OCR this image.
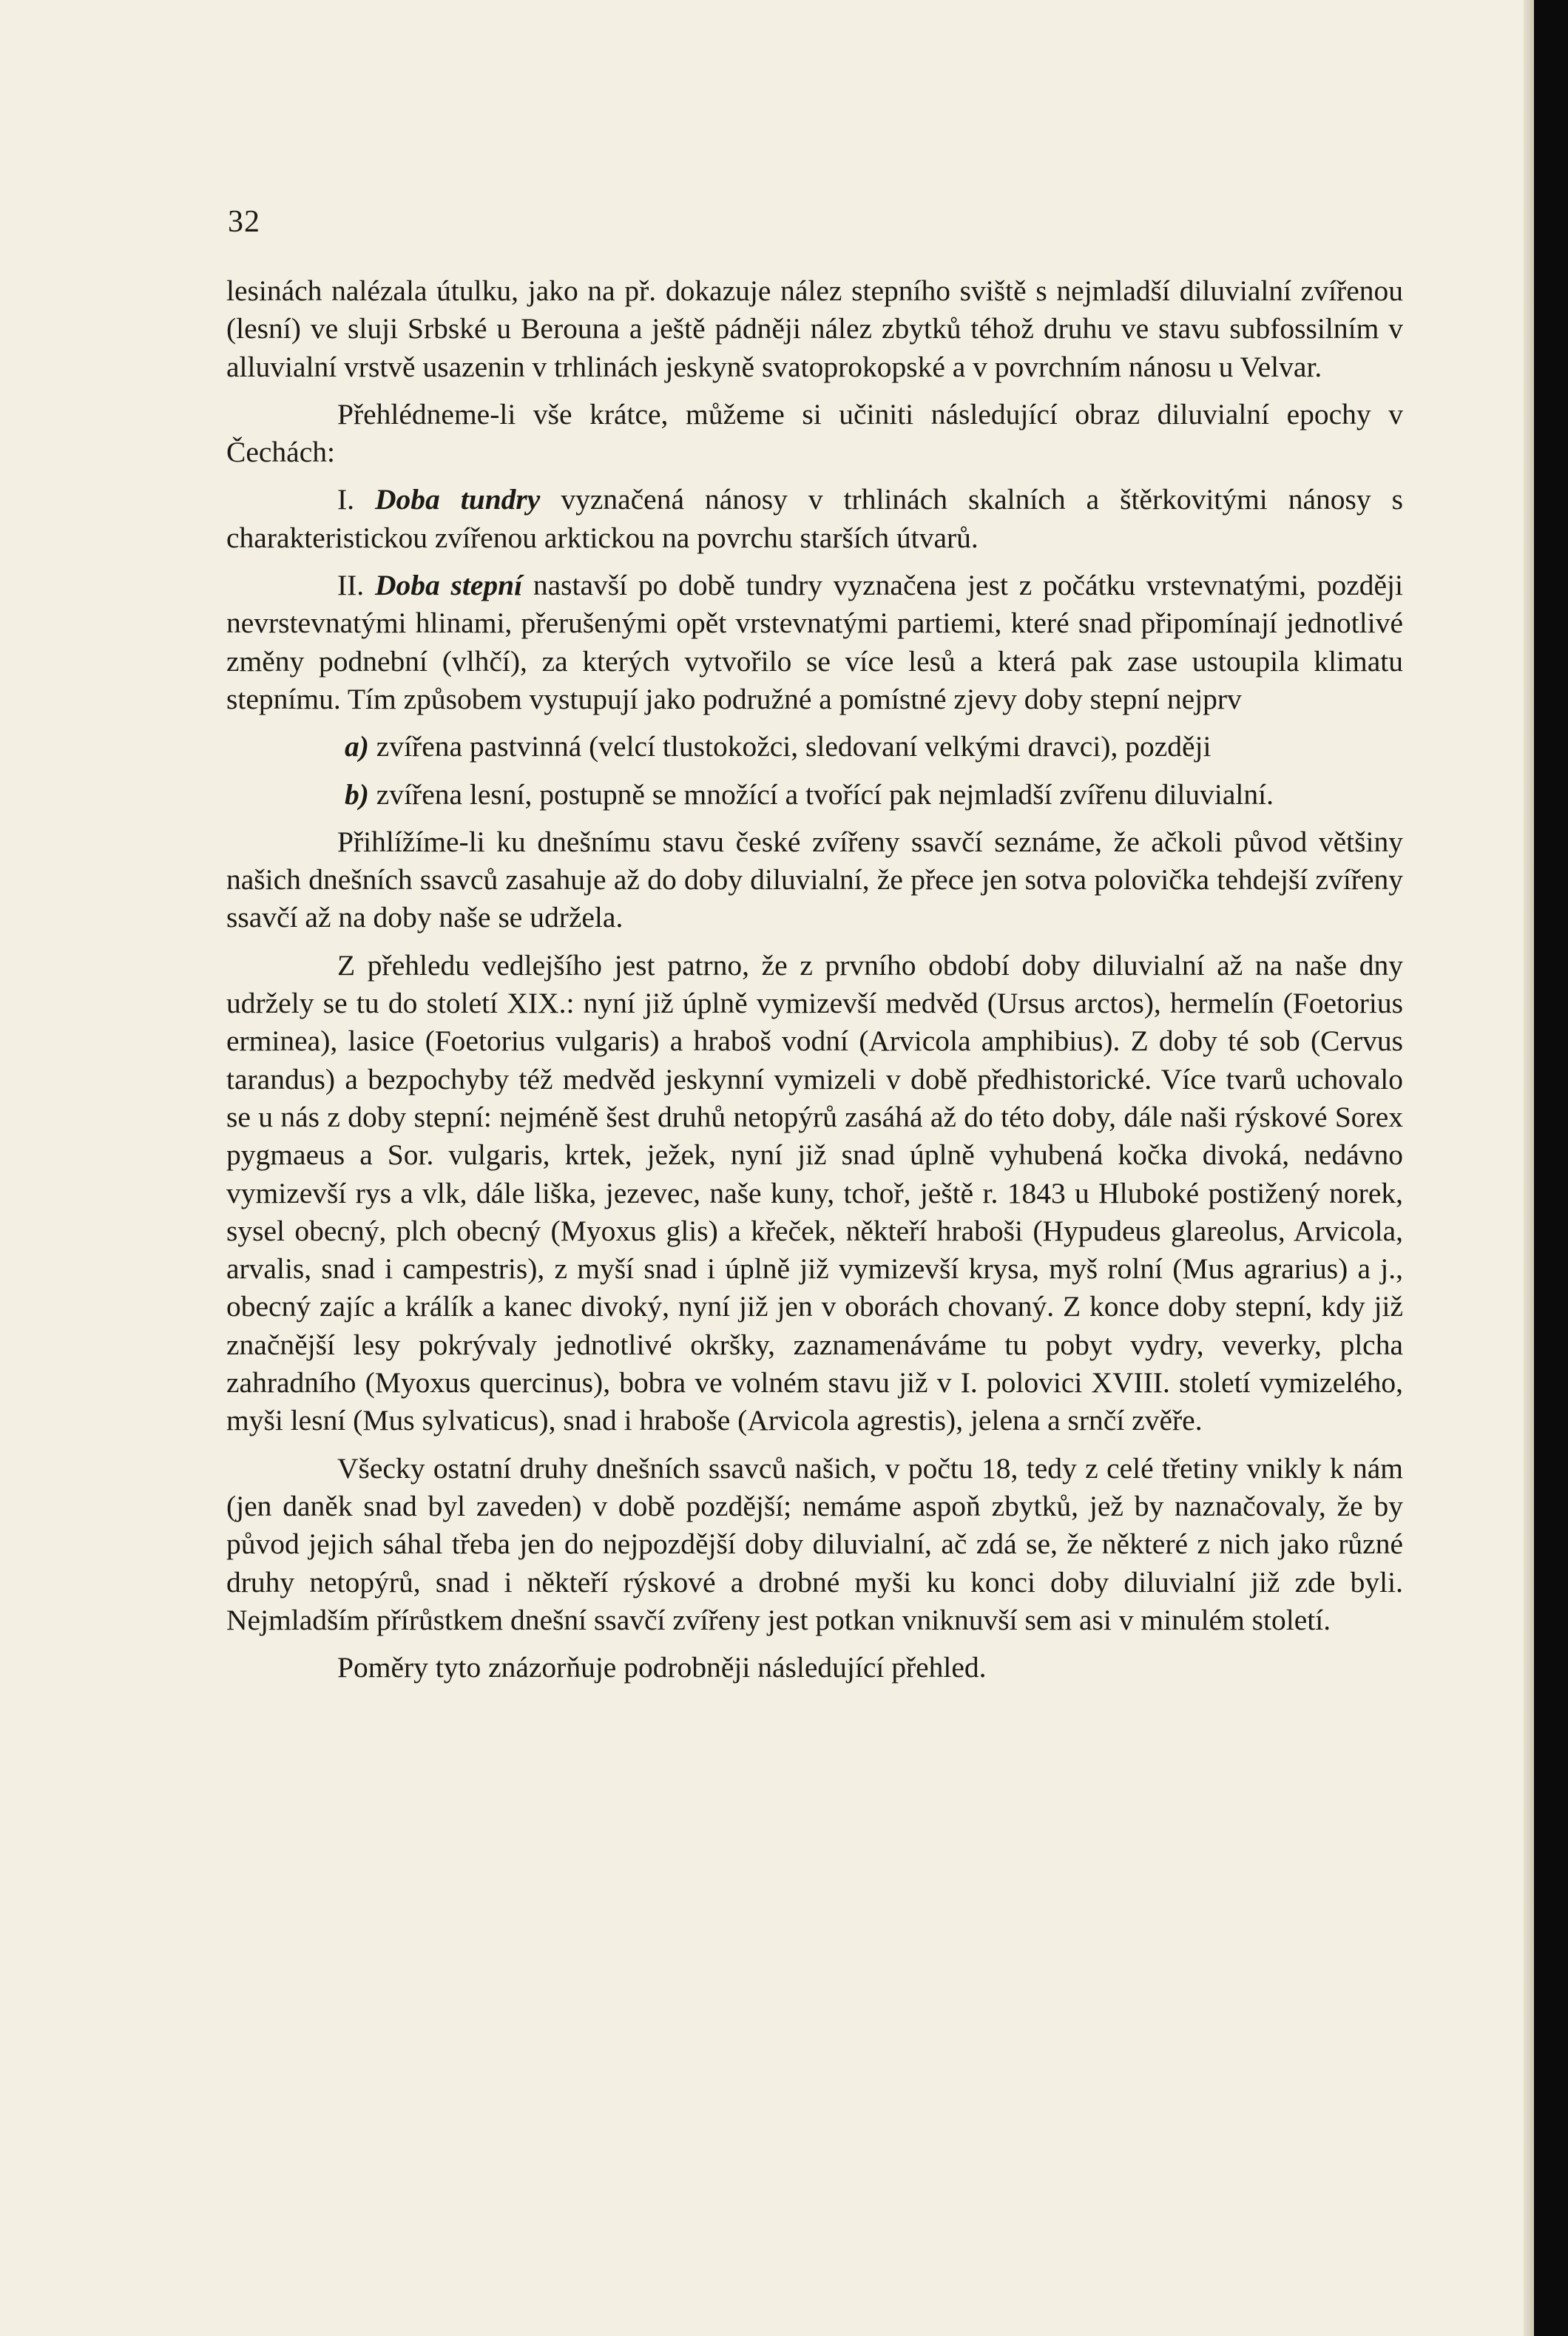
32

lesinách nalézala útulku, jako na př. dokazuje nález stepního sviště s nejmladší diluvialní zvířenou (lesní) ve sluji Srbské u Berouna a ještě pádněji nález zbytků téhož druhu ve stavu subfossilním v alluvialní vrstvě usazenin v trhlinách jeskyně svatoprokopské a v povrchním nánosu u Velvar.

Přehlédneme-li vše krátce, můžeme si učiniti následující obraz diluvialní epochy v Čechách:

I. Doba tundry vyznačená nánosy v trhlinách skalních a štěrkovitými nánosy s charakteristickou zvířenou arktickou na povrchu starších útvarů.

II. Doba stepní nastavší po době tundry vyznačena jest z počátku vrstevnatými, později nevrstevnatými hlinami, přerušenými opět vrstevnatými partiemi, které snad připomínají jednotlivé změny podnební (vlhčí), za kterých vytvořilo se více lesů a která pak zase ustoupila klimatu stepnímu. Tím způsobem vystupují jako podružné a pomístné zjevy doby stepní nejprv

a) zvířena pastvinná (velcí tlustokožci, sledovaní velkými dravci), později

b) zvířena lesní, postupně se množící a tvořící pak nejmladší zvířenu diluvialní.

Přihlížíme-li ku dnešnímu stavu české zvířeny ssavčí seznáme, že ačkoli původ většiny našich dnešních ssavců zasahuje až do doby diluvialní, že přece jen sotva polovička tehdejší zvířeny ssavčí až na doby naše se udržela.

Z přehledu vedlejšího jest patrno, že z prvního období doby diluvialní až na naše dny udržely se tu do století XIX.: nyní již úplně vymizevší medvěd (Ursus arctos), hermelín (Foetorius erminea), lasice (Foetorius vulgaris) a hraboš vodní (Arvicola amphibius). Z doby té sob (Cervus tarandus) a bezpochyby též medvěd jeskynní vymizeli v době předhistorické. Více tvarů uchovalo se u nás z doby stepní: nejméně šest druhů netopýrů zasáhá až do této doby, dále naši rýskové Sorex pygmaeus a Sor. vulgaris, krtek, ježek, nyní již snad úplně vyhubená kočka divoká, nedávno vymizevší rys a vlk, dále liška, jezevec, naše kuny, tchoř, ještě r. 1843 u Hluboké postižený norek, sysel obecný, plch obecný (Myoxus glis) a křeček, někteří hraboši (Hypudeus glareolus, Arvicola, arvalis, snad i campestris), z myší snad i úplně již vymizevší krysa, myš rolní (Mus agrarius) a j., obecný zajíc a králík a kanec divoký, nyní již jen v oborách chovaný. Z konce doby stepní, kdy již značnější lesy pokrývaly jednotlivé okršky, zaznamenáváme tu pobyt vydry, veverky, plcha zahradního (Myoxus quercinus), bobra ve volném stavu již v I. polovici XVIII. století vymizelého, myši lesní (Mus sylvaticus), snad i hraboše (Arvicola agrestis), jelena a srnčí zvěře.

Všecky ostatní druhy dnešních ssavců našich, v počtu 18, tedy z celé třetiny vnikly k nám (jen daněk snad byl zaveden) v době pozdější; nemáme aspoň zbytků, jež by naznačovaly, že by původ jejich sáhal třeba jen do nejpozdější doby diluvialní, ač zdá se, že některé z nich jako různé druhy netopýrů, snad i někteří rýskové a drobné myši ku konci doby diluvialní již zde byli. Nejmladším přírůstkem dnešní ssavčí zvířeny jest potkan vniknuvší sem asi v minulém století.

Poměry tyto znázorňuje podrobněji následující přehled.
